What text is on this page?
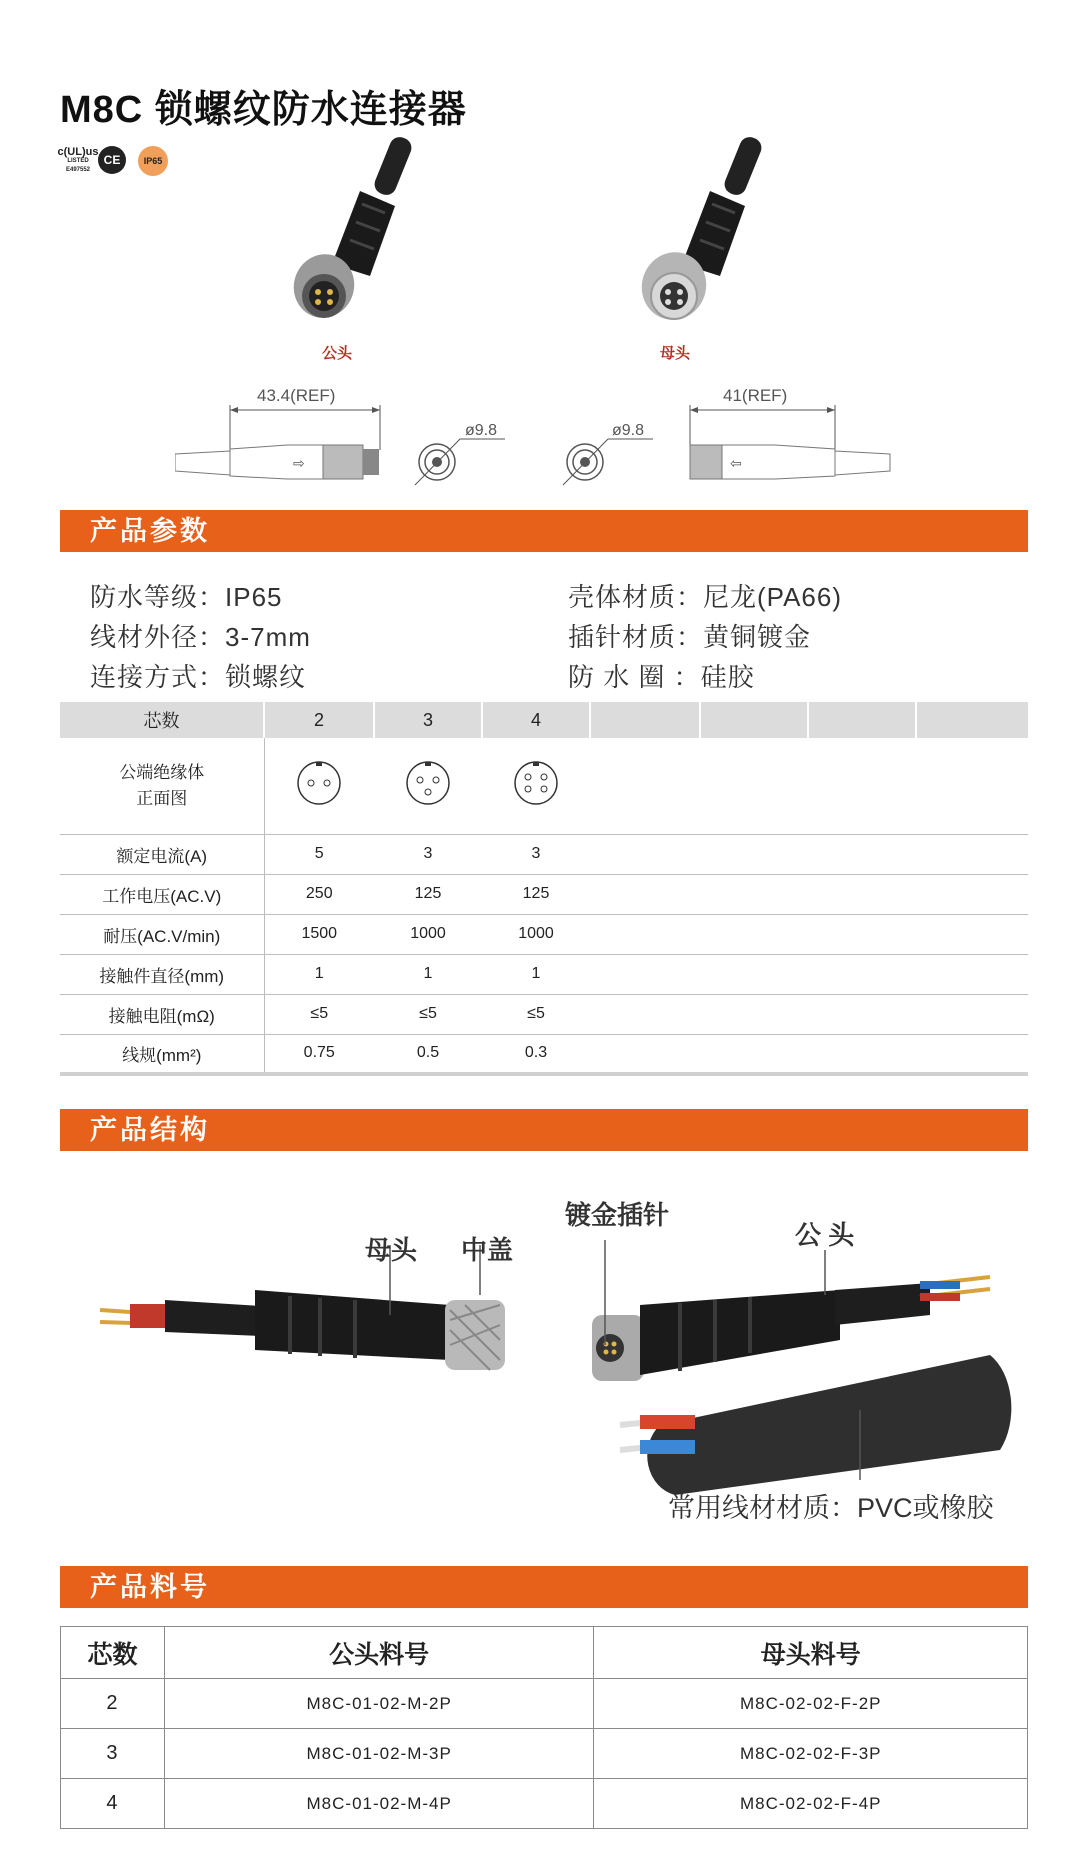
M8C 锁螺纹防水连接器
c(UL)us
LISTED E497552
CE	IP65
公头	母头
43.4(REF)
⇨
ø9.8	ø9.8
41(REF)
⇦
产品参数
防水等级：IP65
线材外径：3-7mm
连接方式：锁螺纹
壳体材质：尼龙(PA66)
插针材质：黄铜镀金
防 水 圈 ：硅胶
芯数	2	3	4				
公端绝缘体
正面图							
额定电流(A)	5	3	3				
工作电压(AC.V)	250	125	125				
耐压(AC.V/min)	1500	1000	1000				
接触件直径(mm)	1	1	1				
接触电阻(mΩ)	≤5	≤5	≤5				
线规(mm²)	0.75	0.5	0.3				
产品结构
母头 中盖
镀金插针
公 头
常用线材材质：PVC或橡胶
产品料号
芯数	公头料号	母头料号
2	M8C-01-02-M-2P	M8C-02-02-F-2P
3	M8C-01-02-M-3P	M8C-02-02-F-3P
4	M8C-01-02-M-4P	M8C-02-02-F-4P
